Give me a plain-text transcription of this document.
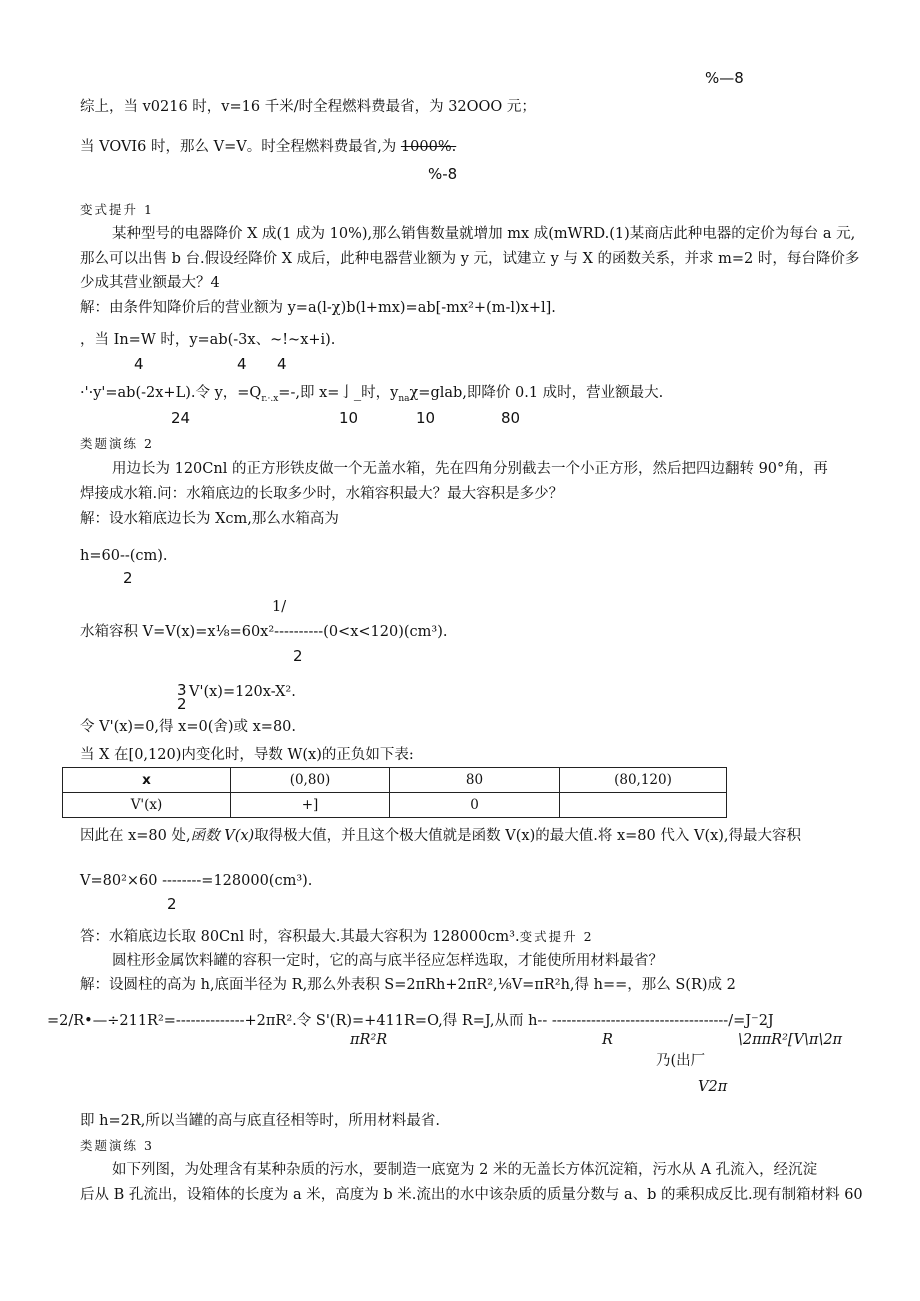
%—8
综上，当 v0216 时，v=16 千米/时全程燃料费最省，为 32OOO 元；
当 VOVI6 时，那么 V=V。时全程燃料费最省,为 1000%.
%-8
变式提升 1
某种型号的电器降价 X 成(1 成为 10%),那么销售数量就增加 mx 成(mWRD.(1)某商店此种电器的定价为每台 a 元,
那么可以出售 b 台.假设经降价 X 成后，此种电器营业额为 y 元，试建立 y 与 X 的函数关系，并求 m=2 时，每台降价多
少成其营业额最大？4
解：由条件知降价后的营业额为 y=a(l-χ)b(l+mx)=ab[-mx²+(m-l)x+l].
，当 In=W 时，y=ab(-3x、~!~x+i).
4	4 4
·'·y'=ab(-2x+L).令 y，$=Q_{r.\cdot.x}=-$,即 x=亅_时，$y_{na}\chi=glab$,即降价 0.1 成时，营业额最大.
24	10	10	80
类题演练 2
用边长为 120Cnl 的正方形铁皮做一个无盖水箱，先在四角分别截去一个小正方形，然后把四边翻转 90°角，再
焊接成水箱.问：水箱底边的长取多少时，水箱容积最大？最大容积是多少？
解：设水箱底边长为 Xcm,那么水箱高为
h=60--(cm).
2
1/
水箱容积 V=V(x)=x⅛=60x²----------(0<x<120)(cm³).
2
3 V'(x)=120x-X².
2
令 V'(x)=0,得 x=0(舍)或 x=80.
当 X 在[0,120)内变化时，导数 W(x)的正负如下表:
x	(0,80)	80	(80,120)
V'(x)	+]	0	
因此在 x=80 处,函数 V(x)取得极大值，并且这个极大值就是函数 V(x)的最大值.将 x=80 代入 V(x),得最大容积
V=80²×60 --------=128000(cm³).
2
答：水箱底边长取 80Cnl 时，容积最大.其最大容积为 128000cm³.变式提升 2
圆柱形金属饮料罐的容积一定时，它的高与底半径应怎样选取，才能使所用材料最省？
解：设圆柱的高为 h,底面半径为 R,那么外表积 S=2πRh+2πR²,⅛V=πR²h,得 h==，那么 S(R)成 2
=2/R•—÷211R²=--------------+2πR².令 S'(R)=+411R=O,得 R=J,从而 h-- ------------------------------------/=J⁻2J
πR²R	R	\2ππR²[V\π\2π
乃(出厂
V2π
即 h=2R,所以当罐的高与底直径相等时，所用材料最省.
类题演练 3
如下列图，为处理含有某种杂质的污水，要制造一底宽为 2 米的无盖长方体沉淀箱，污水从 A 孔流入，经沉淀
后从 B 孔流出，设箱体的长度为 a 米，高度为 b 米.流出的水中该杂质的质量分数与 a、b 的乘积成反比.现有制箱材料 60
